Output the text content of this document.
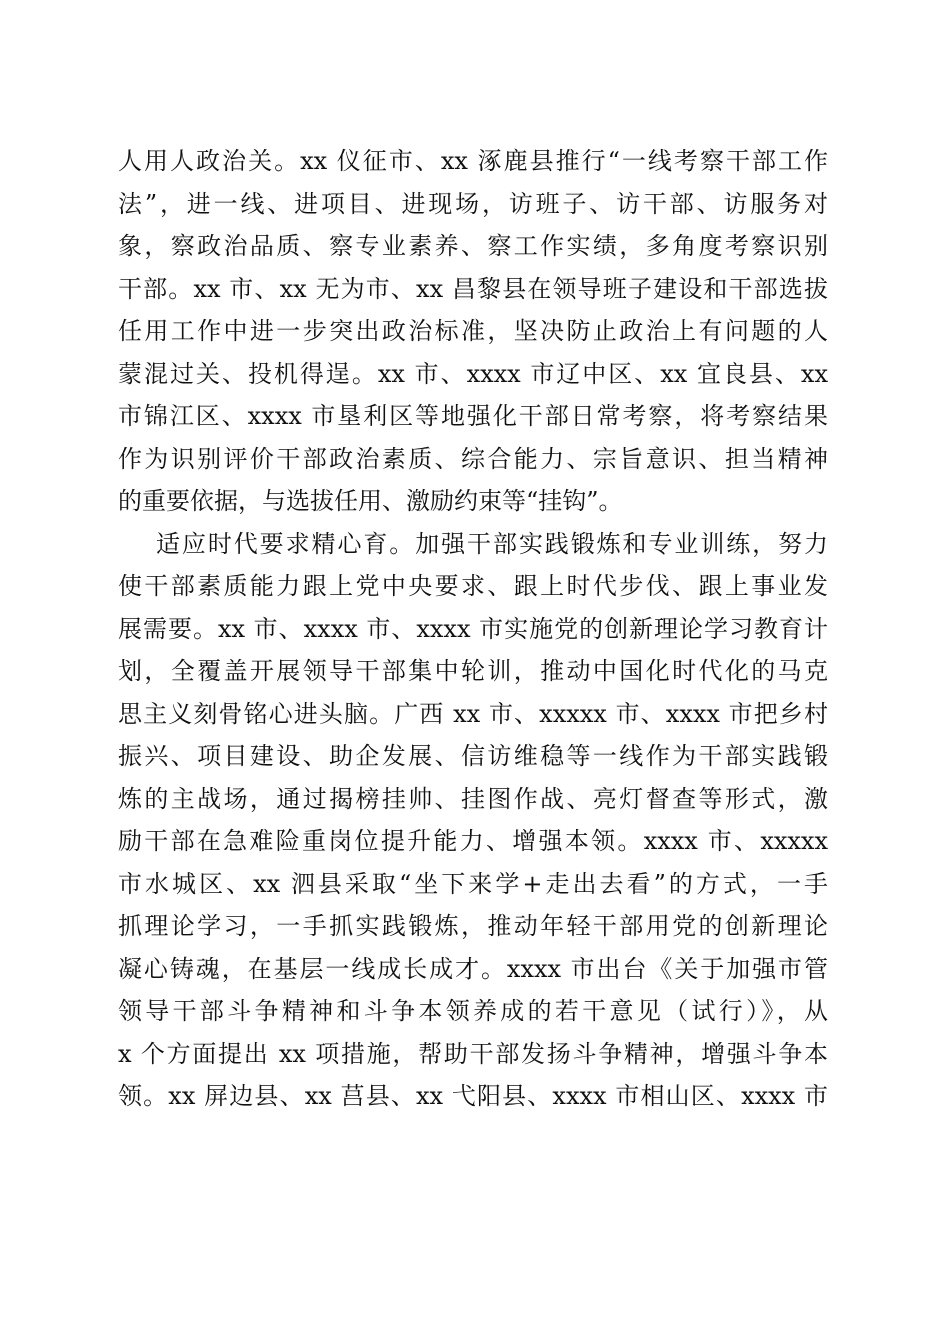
人用人政治关。xx 仪征市、xx 涿鹿县推行“一线考察干部工作
法”，进一线、进项目、进现场，访班子、访干部、访服务对
象，察政治品质、察专业素养、察工作实绩，多角度考察识别
干部。xx 市、xx 无为市、xx 昌黎县在领导班子建设和干部选拔
任用工作中进一步突出政治标准，坚决防止政治上有问题的人
蒙混过关、投机得逞。xx 市、xxxx 市辽中区、xx 宜良县、xx
市锦江区、xxxx 市垦利区等地强化干部日常考察，将考察结果
作为识别评价干部政治素质、综合能力、宗旨意识、担当精神
的重要依据，与选拔任用、激励约束等“挂钩”。
适应时代要求精心育。加强干部实践锻炼和专业训练，努力
使干部素质能力跟上党中央要求、跟上时代步伐、跟上事业发
展需要。xx 市、xxxx 市、xxxx 市实施党的创新理论学习教育计
划，全覆盖开展领导干部集中轮训，推动中国化时代化的马克
思主义刻骨铭心进头脑。广西 xx 市、xxxxx 市、xxxx 市把乡村
振兴、项目建设、助企发展、信访维稳等一线作为干部实践锻
炼的主战场，通过揭榜挂帅、挂图作战、亮灯督查等形式，激
励干部在急难险重岗位提升能力、增强本领。xxxx 市、xxxxx
市水城区、xx 泗县采取“坐下来学+走出去看”的方式，一手
抓理论学习，一手抓实践锻炼，推动年轻干部用党的创新理论
凝心铸魂，在基层一线成长成才。xxxx 市出台《关于加强市管
领导干部斗争精神和斗争本领养成的若干意见（试行）》，从
x 个方面提出 xx 项措施，帮助干部发扬斗争精神，增强斗争本
领。xx 屏边县、xx 莒县、xx 弋阳县、xxxx 市相山区、xxxx 市
